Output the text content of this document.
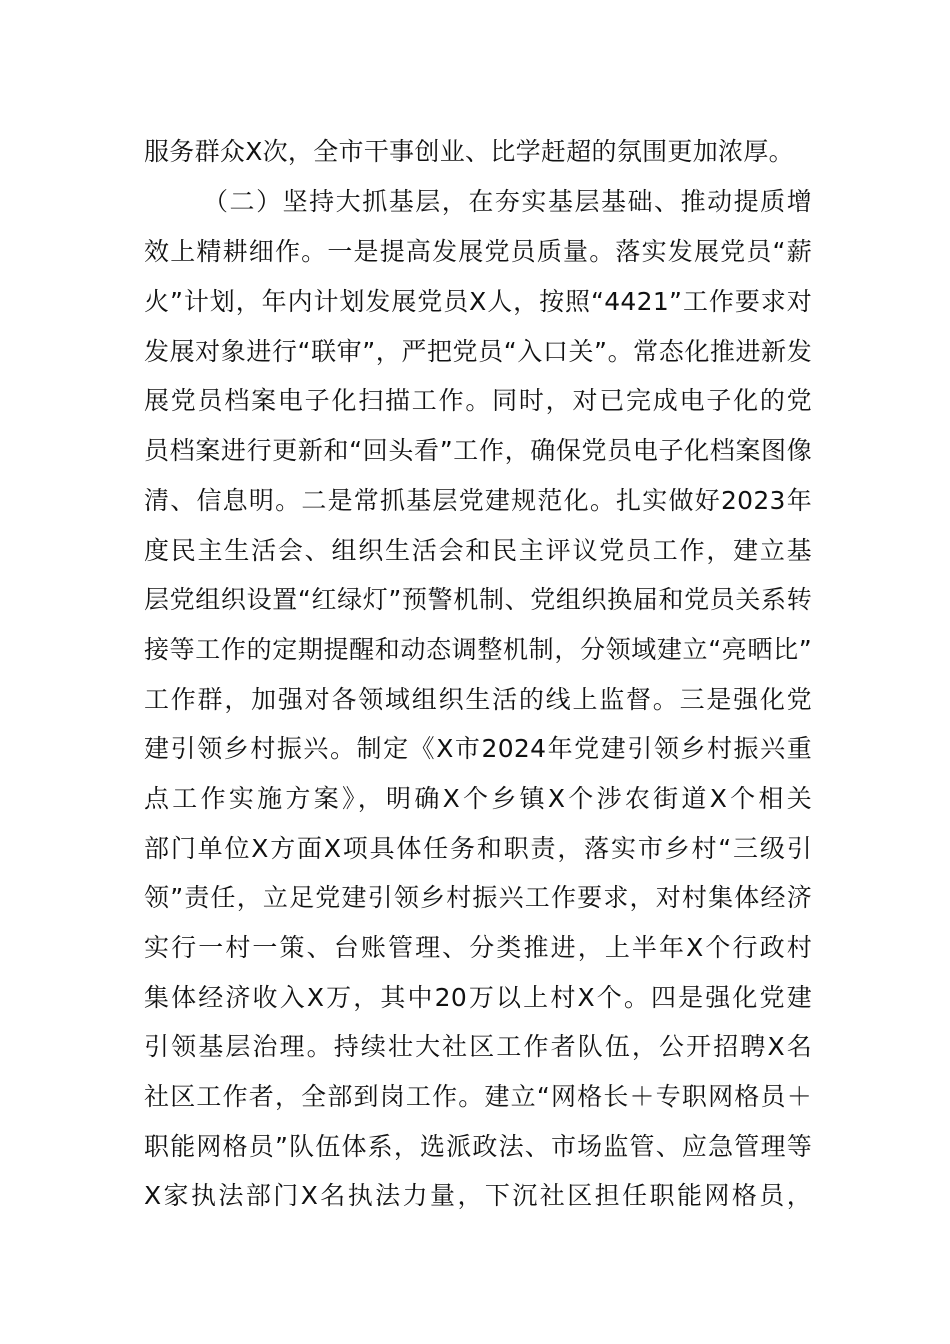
服务群众X次，全市干事创业、比学赶超的氛围更加浓厚。
（二）坚持大抓基层，在夯实基层基础、推动提质增
效上精耕细作。一是提高发展党员质量。落实发展党员“薪
火”计划，年内计划发展党员X人，按照“4421”工作要求对
发展对象进行“联审”，严把党员“入口关”。常态化推进新发
展党员档案电子化扫描工作。同时，对已完成电子化的党
员档案进行更新和“回头看”工作，确保党员电子化档案图像
清、信息明。二是常抓基层党建规范化。扎实做好2023年
度民主生活会、组织生活会和民主评议党员工作，建立基
层党组织设置“红绿灯”预警机制、党组织换届和党员关系转
接等工作的定期提醒和动态调整机制，分领域建立“亮晒比”
工作群，加强对各领域组织生活的线上监督。三是强化党
建引领乡村振兴。制定《X市2024年党建引领乡村振兴重
点工作实施方案》，明确X个乡镇X个涉农街道X个相关
部门单位X方面X项具体任务和职责，落实市乡村“三级引
领”责任，立足党建引领乡村振兴工作要求，对村集体经济
实行一村一策、台账管理、分类推进，上半年X个行政村
集体经济收入X万，其中20万以上村X个。四是强化党建
引领基层治理。持续壮大社区工作者队伍，公开招聘X名
社区工作者，全部到岗工作。建立“网格长＋专职网格员＋
职能网格员”队伍体系，选派政法、市场监管、应急管理等
X家执法部门X名执法力量，下沉社区担任职能网格员，
